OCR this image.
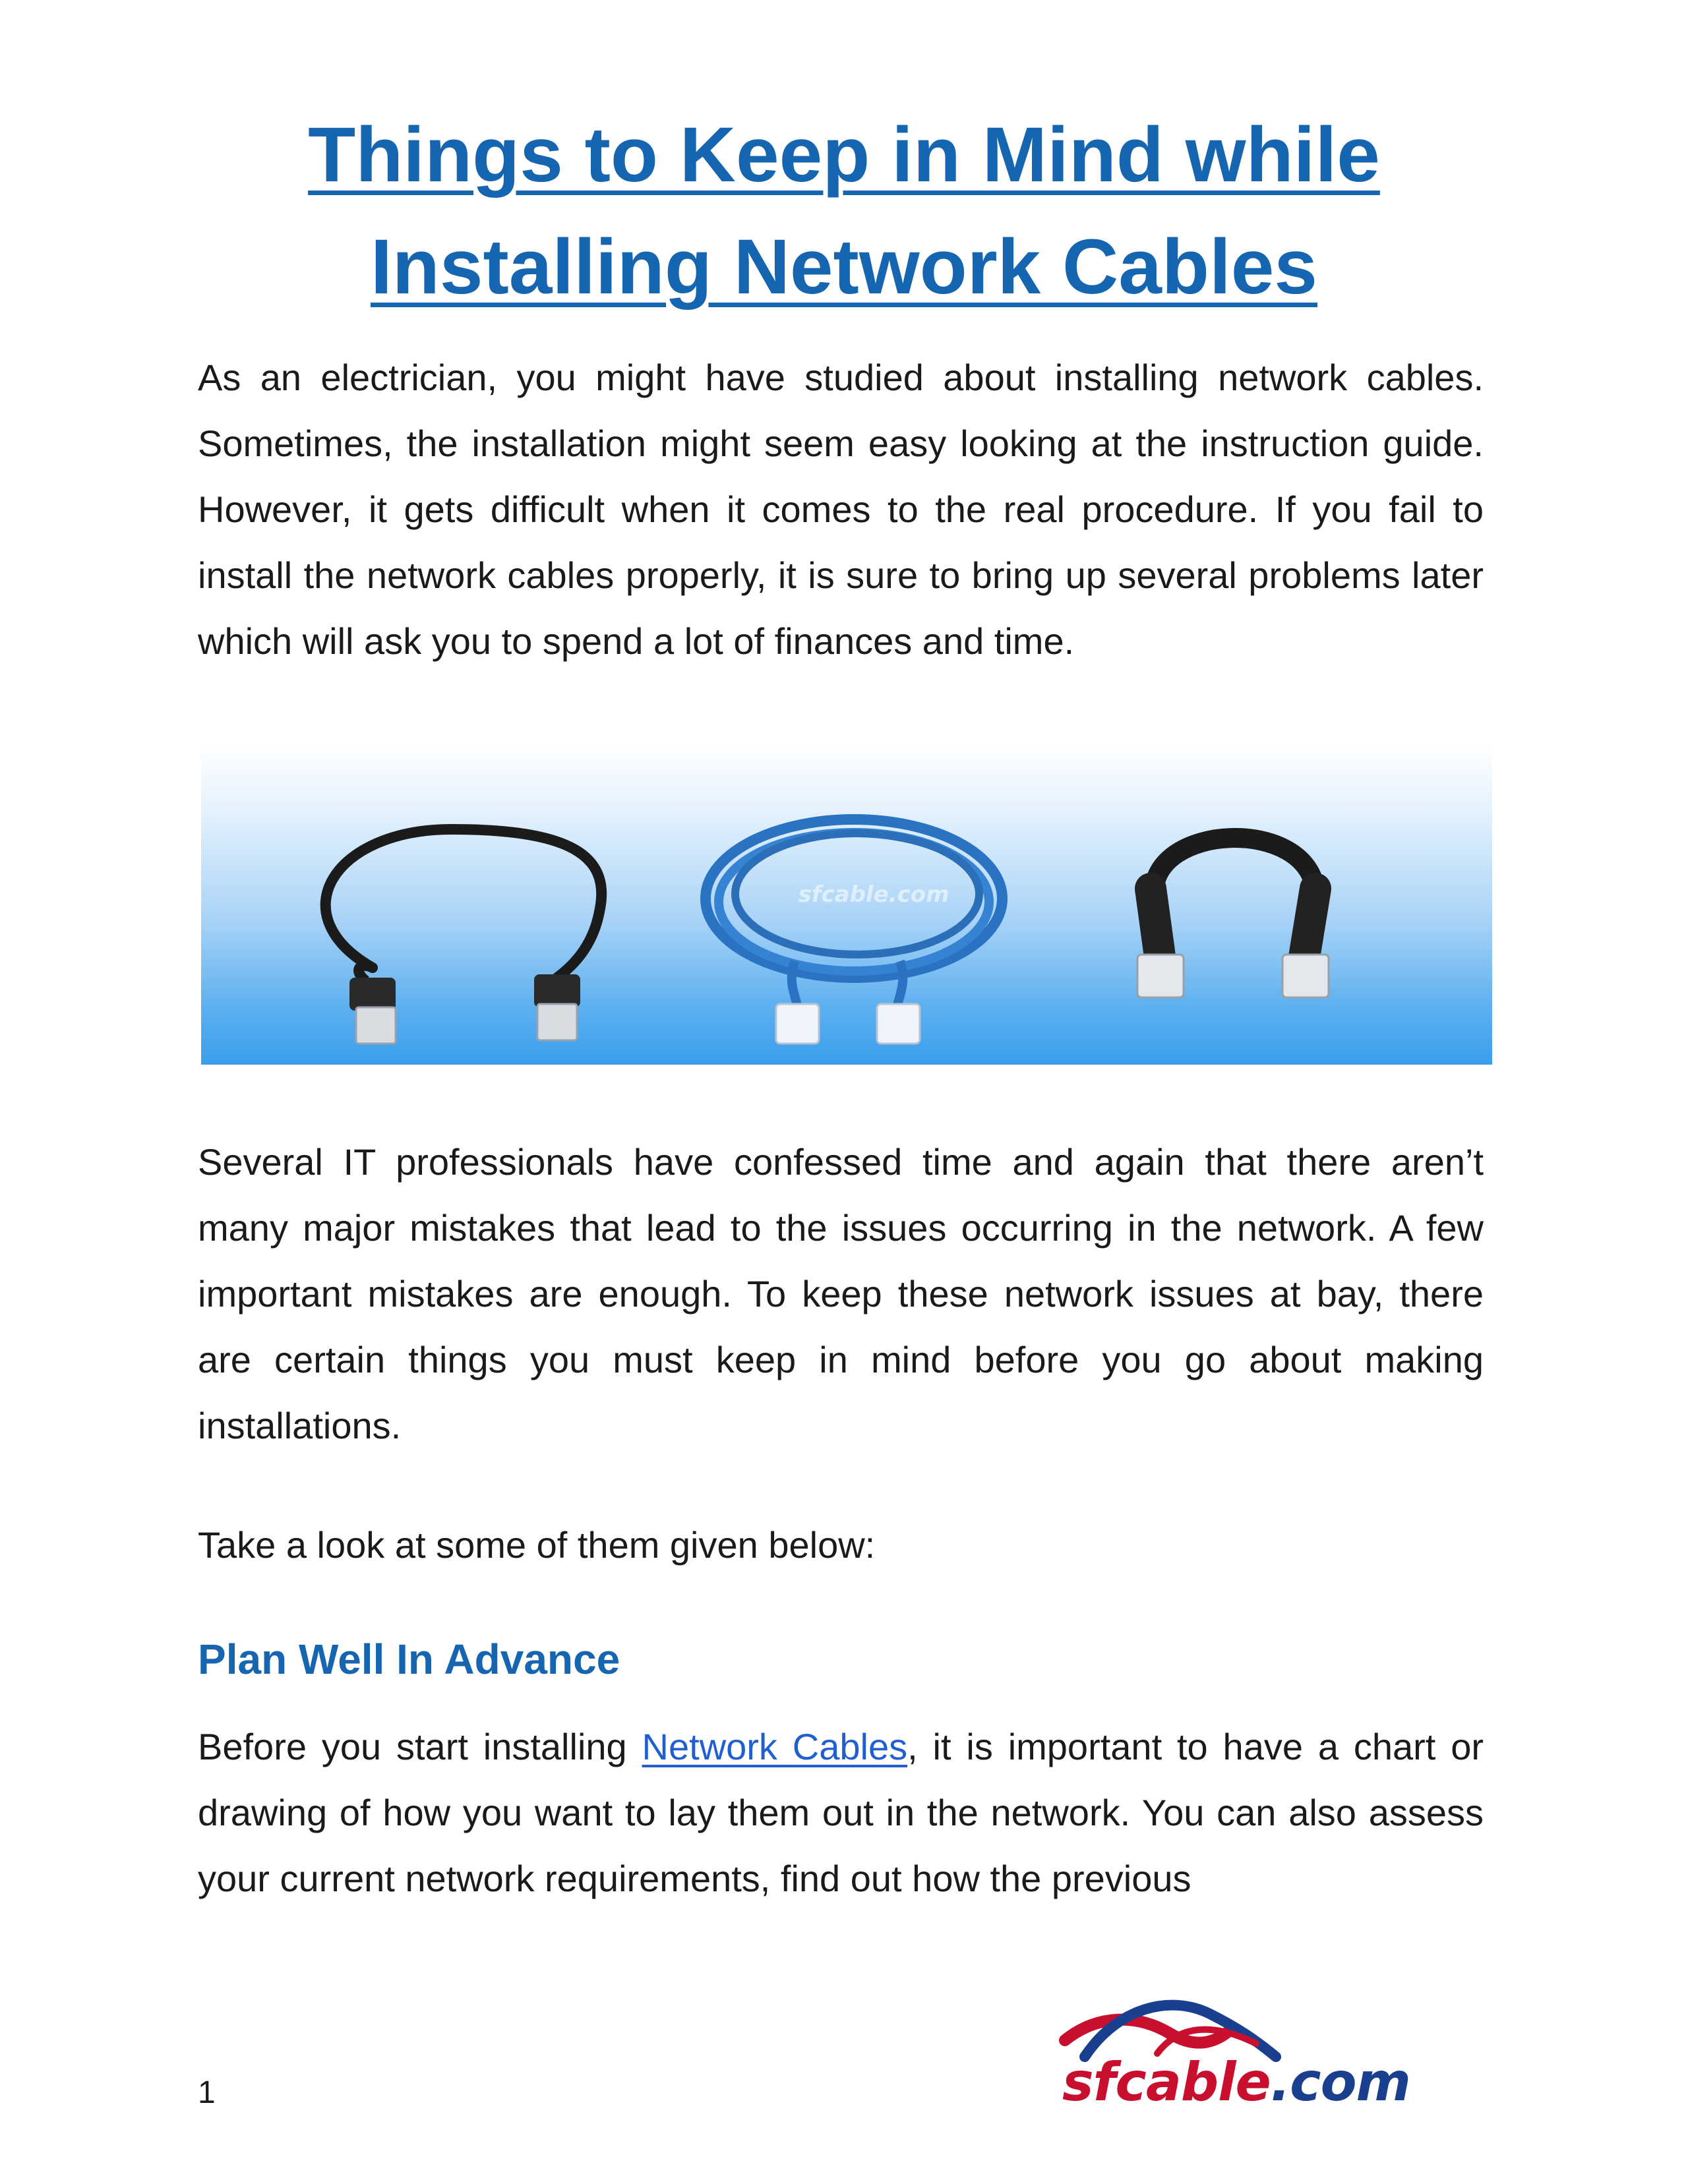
Things to Keep in Mind while
Installing Network Cables

As an electrician, you might have studied about installing network cables. Sometimes, the installation might seem easy looking at the instruction guide. However, it gets difficult when it comes to the real procedure. If you fail to install the network cables properly, it is sure to bring up several problems later which will ask you to spend a lot of finances and time.

sfcable.com

Several IT professionals have confessed time and again that there aren’t many major mistakes that lead to the issues occurring in the network. A few important mistakes are enough. To keep these network issues at bay, there are certain things you must keep in mind before you go about making installations.

Take a look at some of them given below:

Plan Well In Advance

Before you start installing Network Cables, it is important to have a chart or drawing of how you want to lay them out in the network. You can also assess your current network requirements, find out how the previous

1	sfcable.com
